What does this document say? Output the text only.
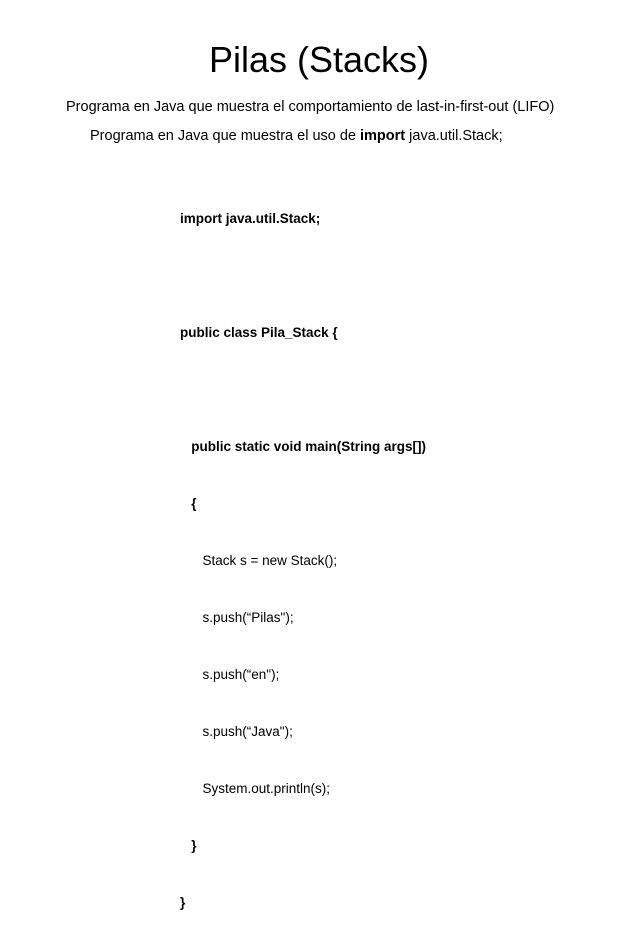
Pilas (Stacks)
Programa en Java que muestra el comportamiento de last-in-first-out (LIFO)
Programa en Java que muestra el uso de import java.util.Stack;

import java.util.Stack;

public class Pila_Stack {

public static void main(String args[])

{

Stack s = new Stack();

s.push(“Pilas");

s.push(“en");

s.push(“Java");

System.out.println(s);

}

}
